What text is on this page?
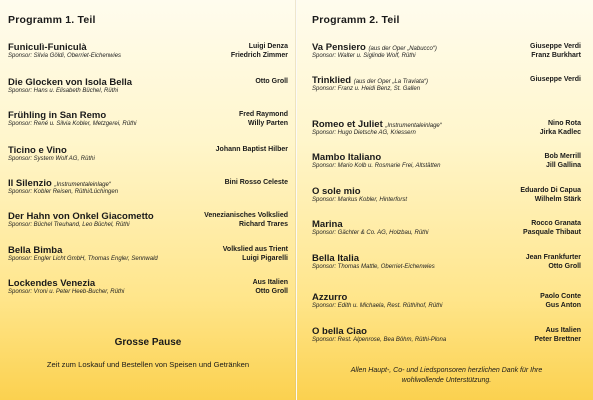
Programm 1. Teil
Funiculì-Funiculà
Sponsor: Silvia Göldi, Oberriet-Eichenwies
Luigi Denza
Friedrich Zimmer
Die Glocken von Isola Bella
Sponsor: Hans u. Elisabeth Büchel, Rüthi
Otto Groll
Frühling in San Remo
Sponsor: René u. Silvia Kobler, Metzgerei, Rüthi
Fred Raymond
Willy Parten
Ticino e Vino
Sponsor: System Wolf AG, Rüthi
Johann Baptist Hilber
Il Silenzio „Instrumentaleinlage“
Sponsor: Kobler Reisen, Rüthi/Lüchingen
Bini Rosso Celeste
Der Hahn von Onkel Giacometto
Sponsor: Büchel Treuhand, Leo Büchel, Rüthi
Venezianisches Volkslied
Richard Trares
Bella Bimba
Sponsor: Engler Licht GmbH, Thomas Engler, Sennwald
Volkslied aus Trient
Luigi Pigarelli
Lockendes Venezia
Sponsor: Vroni u. Peter Heeb-Bucher, Rüthi
Aus Italien
Otto Groll
Grosse Pause
Zeit zum Loskauf und Bestellen von Speisen und Getränken
Programm 2. Teil
Va Pensiero (aus der Oper „Nabucco“)
Sponsor: Walter u. Siglinde Wolf, Rüthi
Giuseppe Verdi
Franz Burkhart
Trinklied (aus der Oper „La Traviata“)
Sponsor: Franz u. Heidi Benz, St. Gallen
Giuseppe Verdi
Romeo et Juliet „Instrumentaleinlage“
Sponsor: Hugo Dietsche AG, Kriessern
Nino Rota
Jirka Kadlec
Mambo Italiano
Sponsor: Mario Kolb u. Rosmarie Frei, Altstätten
Bob Merrill
Jill Gallina
O sole mio
Sponsor: Markus Kobler, Hinterforst
Eduardo Di Capua
Wilhelm Stärk
Marina
Sponsor: Gächter & Co. AG, Holzbau, Rüthi
Rocco Granata
Pasquale Thibaut
Bella Italia
Sponsor: Thomas Mattle, Oberriet-Eichenwies
Jean Frankfurter
Otto Groll
Azzurro
Sponsor: Edith u. Michaela, Rest. Rüthihof, Rüthi
Paolo Conte
Gus Anton
O bella Ciao
Sponsor: Rest. Alpenrose, Bea Böhm, Rüthi-Plona
Aus Italien
Peter Brettner
Allen Haupt-, Co- und Liedsponsoren herzlichen Dank für Ihre
wohlwollende Unterstützung.
